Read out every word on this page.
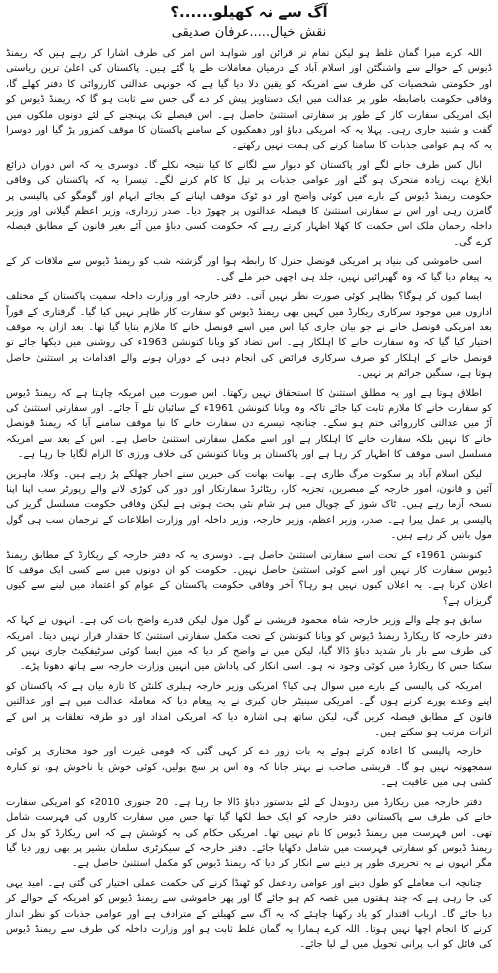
آگ سے نہ کھیلو......؟
نقش خیال.....عرفان صدیقی

اللہ کرے میرا گمان غلط ہو لیکن تمام تر قرائن اور شواہد اس امر کی طرف اشارا کر رہے ہیں کہ ریمنڈ ڈیوس کے حوالے سے واشنگٹن اور اسلام آباد کے درمیان معاملات طے پا گئے ہیں۔ پاکستان کی اعلیٰ ترین ریاستی اور حکومتی شخصیات کی طرف سے امریکہ کو یقین دلا دیا گیا ہے کہ جونہی عدالتی کارروائی کا دفتر کھلے گا، وفاقی حکومت باضابطہ طور پر عدالت میں ایک دستاویز پیش کر دے گی جس سے ثابت ہو گا کہ ریمنڈ ڈیوس کو ایک امریکی سفارت کار کے طور پر سفارتی استثنیٰ حاصل ہے۔ اس فیصلے تک پہنچنے کے لئے دونوں ملکوں میں گفت و شنید جاری رہی۔ پہلا یہ کہ امریکی دباؤ اور دھمکیوں کے سامنے پاکستان کا موقف کمزور پڑ گیا اور دوسرا یہ کہ ہم عوامی جذبات کا سامنا کرنے کی ہمت نہیں رکھتے۔

ابال کس طرف جانے لگے اور پاکستان کو دیوار سے لگانے کا کیا نتیجہ نکلے گا۔ دوسری یہ کہ اس دوران ذرائع ابلاغ بہت زیادہ متحرک ہو گئے اور عوامی جذبات پر تیل کا کام کرنے لگے۔ تیسرا یہ کہ پاکستان کی وفاقی حکومت ریمنڈ ڈیوس کے بارے میں کوئی واضح اور دو ٹوک موقف اپنانے کے بجائے ابہام اور گومگو کی پالیسی پر گامزن رہی اور اس نے سفارتی استثنیٰ کا فیصلہ عدالتوں پر چھوڑ دیا۔ صدر زرداری، وزیر اعظم گیلانی اور وزیر داخلہ رحمان ملک اس حکمت کا کھلا اظہار کرتے رہے کہ حکومت کسی دباؤ میں آئے بغیر قانون کے مطابق فیصلہ کرے گی۔

اسی خاموشی کی بنیاد پر امریکی قونصل جنرل کا رابطہ ہوا اور گزشتہ شب کو ریمنڈ ڈیوس سے ملاقات کر کے یہ پیغام دیا گیا کہ وہ گھبرائیں نہیں، جلد ہی اچھی خبر ملے گی۔

ایسا کیوں کر ہوگا؟ بظاہر کوئی صورت نظر نہیں آتی۔ دفتر خارجہ اور وزارت داخلہ سمیت پاکستان کے مختلف اداروں میں موجود سرکاری ریکارڈ میں کہیں بھی ریمنڈ ڈیوس کو سفارت کار ظاہر نہیں کیا گیا۔ گرفتاری کے فوراً بعد امریکی قونصل خانے نے جو بیان جاری کیا اس میں اسے قونصل خانے کا ملازم بتایا گیا تھا۔ بعد ازاں یہ موقف اختیار کیا گیا کہ وہ سفارت خانے کا اہلکار ہے۔ اس تضاد کو ویانا کنونشن 1963ء کی روشنی میں دیکھا جائے تو قونصل خانے کے اہلکار کو صرف سرکاری فرائض کی انجام دہی کے دوران ہونے والے اقدامات پر استثنیٰ حاصل ہوتا ہے، سنگین جرائم پر نہیں۔

اطلاق ہوتا ہے اور یہ مطلق استثنیٰ کا استحقاق نہیں رکھتا۔ اس صورت میں امریکہ چاہتا ہے کہ ریمنڈ ڈیوس کو سفارت خانے کا ملازم ثابت کیا جائے تاکہ وہ ویانا کنونشن 1961ء کے سائبان تلے آ جائے۔ اور سفارتی استثنیٰ کی آڑ میں عدالتی کارروائی ختم ہو سکے۔ چنانچہ تیسرے دن سفارت خانے کا نیا موقف سامنے آیا کہ ریمنڈ قونصل خانے کا نہیں بلکہ سفارت خانے کا اہلکار ہے اور اسے مکمل سفارتی استثنیٰ حاصل ہے۔ اس کے بعد سے امریکہ مسلسل اسی موقف کا اظہار کر رہا ہے اور پاکستان پر ویانا کنونشن کی خلاف ورزی کا الزام لگایا جا رہا ہے۔

لیکن اسلام آباد پر سکوت مرگ طاری ہے۔ بھانت بھانت کی خبریں سنے اخبار چھلکے پڑ رہے ہیں۔ وکلا، ماہرین آئین و قانون، امور خارجہ کے مبصرین، تجزیہ کار، ریٹائرڈ سفارتکار اور دور کی کوڑی لانے والے رپورٹر سب اپنا اپنا نسخہ آزما رہے ہیں۔ ٹاک شوز کے چوپال میں ہر شام نئی بحث ہوتی ہے لیکن وفاقی حکومت مسلسل گریز کی پالیسی پر عمل پیرا ہے۔ صدر، وزیر اعظم، وزیر خارجہ، وزیر داخلہ اور وزارت اطلاعات کے ترجمان سب ہی گول مول باتیں کر رہے ہیں۔

کنونشن 1961ء کے تحت اسے سفارتی استثنیٰ حاصل ہے۔ دوسری یہ کہ دفتر خارجہ کے ریکارڈ کے مطابق ریمنڈ ڈیوس سفارت کار نہیں اور اسے کوئی استثنیٰ حاصل نہیں۔ حکومت کو ان دونوں میں سے کسی ایک موقف کا اعلان کرنا ہے۔ یہ اعلان کیوں نہیں ہو رہا؟ آخر وفاقی حکومت پاکستان کے عوام کو اعتماد میں لینے سے کیوں گریزاں ہے؟

سابق ہو چلے والے وزیر خارجہ شاہ محمود قریشی نے گول مول لیکن قدرے واضح بات کی ہے۔ انہوں نے کہا کہ دفتر خارجہ کا ریکارڈ ریمنڈ ڈیوس کو ویانا کنونشن کے تحت مکمل سفارتی استثنیٰ کا حقدار قرار نہیں دیتا۔ امریکہ کی طرف سے بار بار شدید دباؤ ڈالا گیا، لیکن میں نے واضح کر دیا کہ میں ایسا کوئی سرٹیفکیٹ جاری نہیں کر سکتا جس کا ریکارڈ میں کوئی وجود نہ ہو۔ اسی انکار کی پاداش میں انہیں وزارت خارجہ سے ہاتھ دھونا پڑے۔

امریکہ کی پالیسی کے بارے میں سوال ہی کیا؟ امریکی وزیر خارجہ ہیلری کلنٹن کا تازہ بیان ہے کہ پاکستان کو اپنے وعدے پورے کرنے ہوں گے۔ امریکی سینیٹر جان کیری نے یہ پیغام دیا کہ معاملہ عدالت میں ہے اور عدالتیں قانون کے مطابق فیصلہ کریں گی، لیکن ساتھ ہی اشارہ دیا کہ امریکی امداد اور دو طرفہ تعلقات پر اس کے اثرات مرتب ہو سکتے ہیں۔

خارجہ پالیسی کا اعادہ کرتے ہوئے یہ بات زور دے کر کہی گئی کہ قومی غیرت اور خود مختاری پر کوئی سمجھوتہ نہیں ہو گا۔ قریشی صاحب نے بہتر جانا کہ وہ اس پر سچ بولیں، کوئی خوش یا ناخوش ہو، تو کنارہ کشی ہی میں عافیت ہے۔

دفتر خارجہ میں ریکارڈ میں ردوبدل کے لئے بدستور دباؤ ڈالا جا رہا ہے۔ 20 جنوری 2010ء کو امریکی سفارت خانے کی طرف سے پاکستانی دفتر خارجہ کو ایک خط لکھا گیا تھا جس میں سفارت کاروں کی فہرست شامل تھی۔ اس فہرست میں ریمنڈ ڈیوس کا نام نہیں تھا۔ امریکی حکام کی یہ کوشش ہے کہ اس ریکارڈ کو بدل کر ریمنڈ ڈیوس کو سفارتی فہرست میں شامل دکھایا جائے۔ دفتر خارجہ کے سیکرٹری سلمان بشیر پر بھی زور دیا گیا مگر انہوں نے یہ تحریری طور پر دینے سے انکار کر دیا کہ ریمنڈ ڈیوس کو مکمل استثنیٰ حاصل ہے۔

چنانچہ اب معاملے کو طول دینے اور عوامی ردعمل کو ٹھنڈا کرنے کی حکمت عملی اختیار کی گئی ہے۔ امید یہی کی جا رہی ہے کہ چند ہفتوں میں غصہ کم ہو جائے گا اور پھر خاموشی سے ریمنڈ ڈیوس کو امریکہ کے حوالے کر دیا جائے گا۔ ارباب اقتدار کو یاد رکھنا چاہئے کہ یہ آگ سے کھیلنے کے مترادف ہے اور عوامی جذبات کو نظر انداز کرنے کا انجام اچھا نہیں ہوتا۔ اللہ کرے ہمارا یہ گمان غلط ثابت ہو اور وزارت داخلہ کی طرف سے ریمنڈ ڈیوس کی فائل کو اب پرانی تحویل میں لے لیا جائے۔
